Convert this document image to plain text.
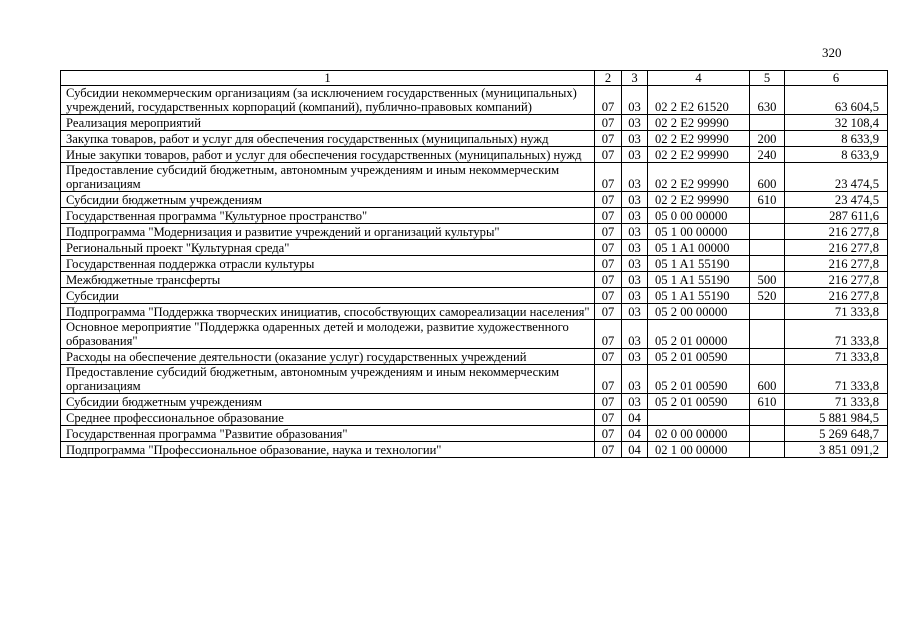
320
1	2	3	4	5	6
Субсидии некоммерческим организациям (за исключением государственных (муниципальных) учреждений, государственных корпораций (компаний), публично-правовых компаний)	07	03	02 2 E2 61520	630	63 604,5
Реализация мероприятий	07	03	02 2 E2 99990		32 108,4
Закупка товаров, работ и услуг для обеспечения государственных (муниципальных) нужд	07	03	02 2 E2 99990	200	8 633,9
Иные закупки товаров, работ и услуг для обеспечения государственных (муниципальных) нужд	07	03	02 2 E2 99990	240	8 633,9
Предоставление субсидий бюджетным, автономным учреждениям и иным некоммерческим организациям	07	03	02 2 E2 99990	600	23 474,5
Субсидии бюджетным учреждениям	07	03	02 2 E2 99990	610	23 474,5
Государственная программа "Культурное пространство"	07	03	05 0 00 00000		287 611,6
Подпрограмма "Модернизация и развитие учреждений и организаций культуры"	07	03	05 1 00 00000		216 277,8
Региональный проект "Культурная среда"	07	03	05 1 A1 00000		216 277,8
Государственная поддержка отрасли культуры	07	03	05 1 A1 55190		216 277,8
Межбюджетные трансферты	07	03	05 1 A1 55190	500	216 277,8
Субсидии	07	03	05 1 A1 55190	520	216 277,8
Подпрограмма "Поддержка творческих инициатив, способствующих самореализации населения"	07	03	05 2 00 00000		71 333,8
Основное мероприятие "Поддержка одаренных детей и молодежи, развитие художественного образования"	07	03	05 2 01 00000		71 333,8
Расходы на обеспечение деятельности (оказание услуг) государственных учреждений	07	03	05 2 01 00590		71 333,8
Предоставление субсидий бюджетным, автономным учреждениям и иным некоммерческим организациям	07	03	05 2 01 00590	600	71 333,8
Субсидии бюджетным учреждениям	07	03	05 2 01 00590	610	71 333,8
Среднее профессиональное образование	07	04			5 881 984,5
Государственная программа "Развитие образования"	07	04	02 0 00 00000		5 269 648,7
Подпрограмма "Профессиональное образование, наука и технологии"	07	04	02 1 00 00000		3 851 091,2
